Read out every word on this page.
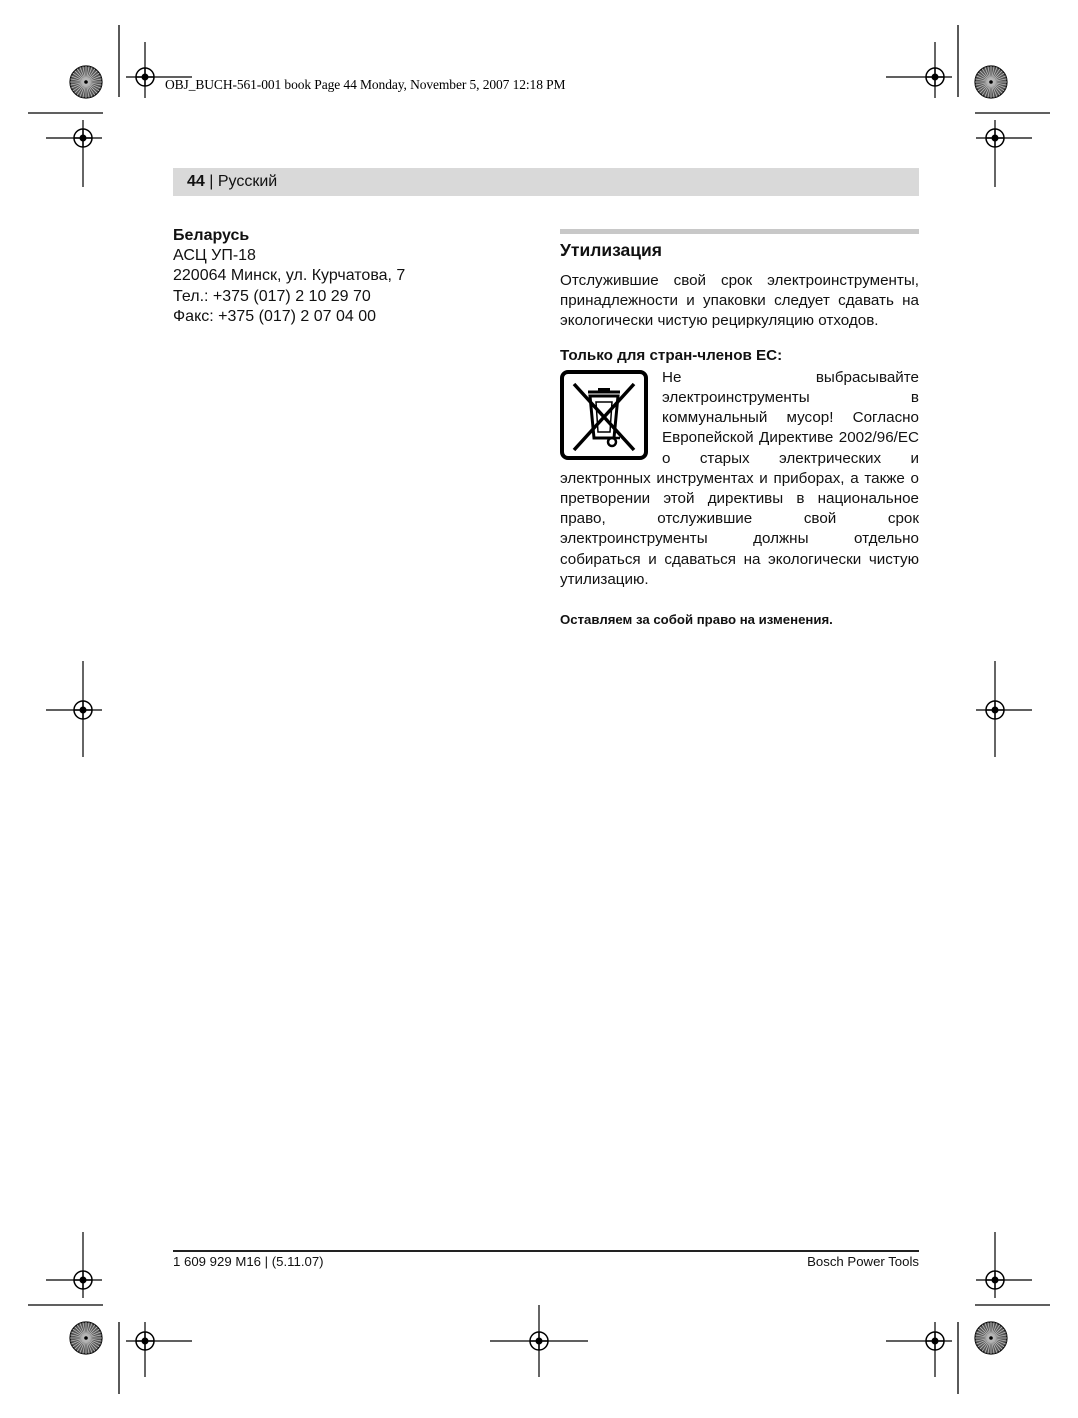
OBJ_BUCH-561-001 book Page 44 Monday, November 5, 2007 12:18 PM
44 | Русский
Беларусь
АСЦ УП-18
220064 Минск, ул. Курчатова, 7
Тел.: +375 (017) 2 10 29 70
Факс: +375 (017) 2 07 04 00
Утилизация
Отслужившие свой срок электроинструменты, принадлежности и упаковки следует сдавать на экологически чистую рециркуляцию отходов.
Только для стран-членов ЕС:
Не выбрасывайте электроинструменты в коммунальный мусор! Согласно Европейской Директиве 2002/96/ЕС о старых электрических и электронных инструментах и приборах, а также о претворении этой директивы в национальное право, отслужившие свой срок электроинструменты должны отдельно собираться и сдаваться на экологически чистую утилизацию.
Оставляем за собой право на изменения.
1 609 929 M16 | (5.11.07)	Bosch Power Tools
